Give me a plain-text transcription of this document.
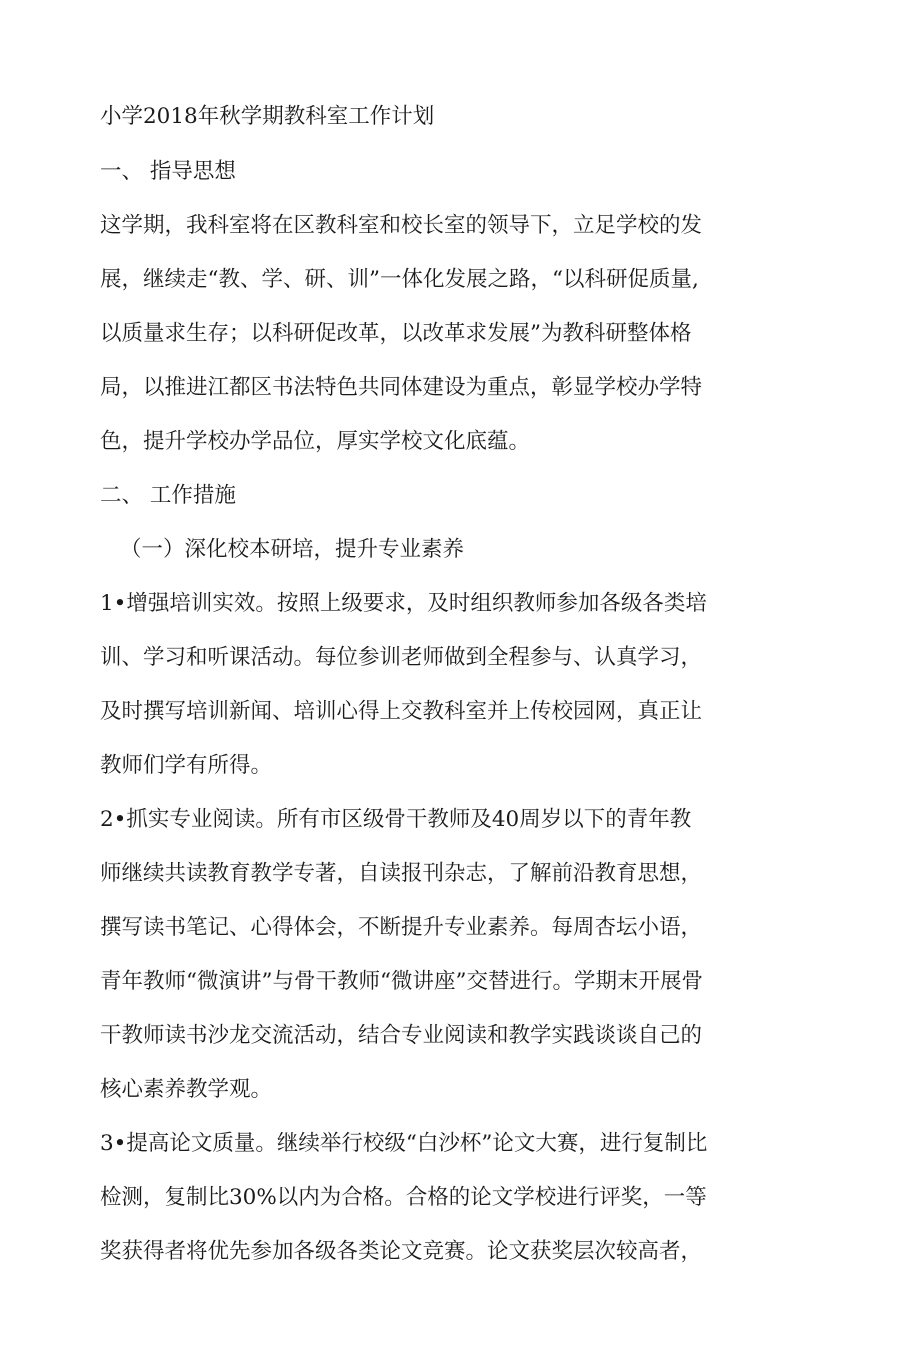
小学2018年秋学期教科室工作计划
一、 指导思想
这学期，我科室将在区教科室和校长室的领导下，立足学校的发
展，继续走“教、学、研、训”一体化发展之路，“以科研促质量,
以质量求生存；以科研促改革，以改革求发展”为教科研整体格
局，以推进江都区书法特色共同体建设为重点，彰显学校办学特
色，提升学校办学品位，厚实学校文化底蕴。
二、 工作措施
（一）深化校本研培，提升专业素养
1•增强培训实效。按照上级要求，及时组织教师参加各级各类培
训、学习和听课活动。每位参训老师做到全程参与、认真学习，
及时撰写培训新闻、培训心得上交教科室并上传校园网，真正让
教师们学有所得。
2•抓实专业阅读。所有市区级骨干教师及40周岁以下的青年教
师继续共读教育教学专著，自读报刊杂志，了解前沿教育思想，
撰写读书笔记、心得体会，不断提升专业素养。每周杏坛小语，
青年教师“微演讲”与骨干教师“微讲座”交替进行。学期末开展骨
干教师读书沙龙交流活动，结合专业阅读和教学实践谈谈自己的
核心素养教学观。
3•提高论文质量。继续举行校级“白沙杯”论文大赛，进行复制比
检测，复制比30%以内为合格。合格的论文学校进行评奖，一等
奖获得者将优先参加各级各类论文竞赛。论文获奖层次较高者，
